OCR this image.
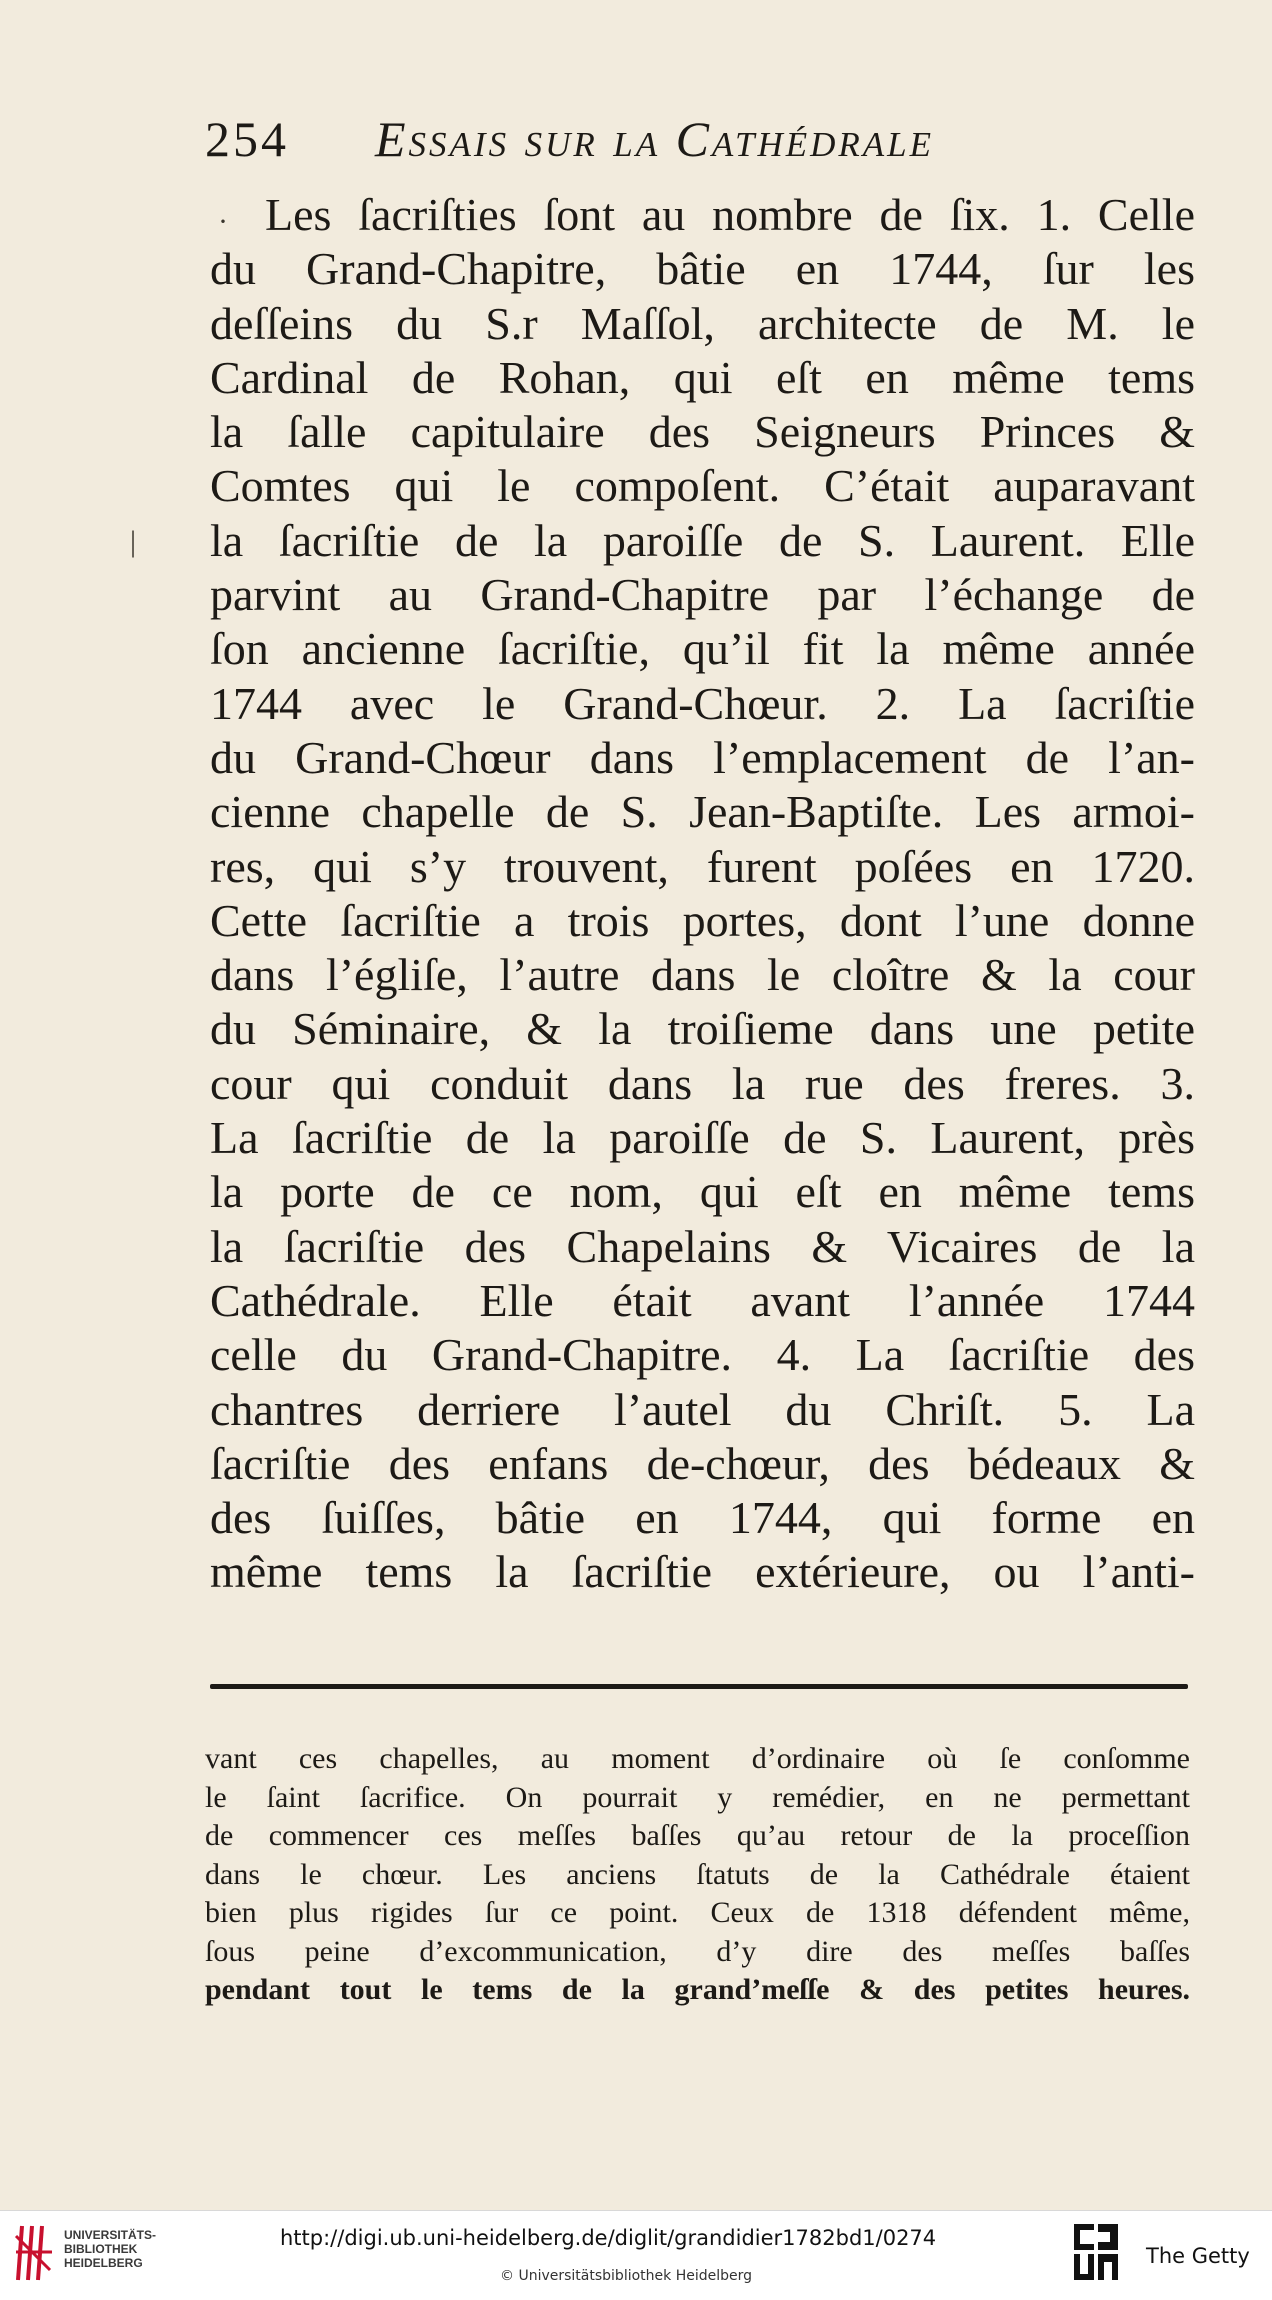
254 Essais sur la Cathédrale
·
|
Les ſacriſties ſont au nombre de ſix. 1. Celle
du Grand-Chapitre, bâtie en 1744, ſur les
deſſeins du S.r Maſſol, architecte de M. le
Cardinal de Rohan, qui eſt en même tems
la ſalle capitulaire des Seigneurs Princes &
Comtes qui le compoſent. C’était auparavant
la ſacriſtie de la paroiſſe de S. Laurent. Elle
parvint au Grand-Chapitre par l’échange de
ſon ancienne ſacriſtie, qu’il fit la même année
1744 avec le Grand-Chœur. 2. La ſacriſtie
du Grand-Chœur dans l’emplacement de l’an-
cienne chapelle de S. Jean-Baptiſte. Les armoi-
res, qui s’y trouvent, furent poſées en 1720.
Cette ſacriſtie a trois portes, dont l’une donne
dans l’égliſe, l’autre dans le cloître & la cour
du Séminaire, & la troiſieme dans une petite
cour qui conduit dans la rue des freres. 3.
La ſacriſtie de la paroiſſe de S. Laurent, près
la porte de ce nom, qui eſt en même tems
la ſacriſtie des Chapelains & Vicaires de la
Cathédrale. Elle était avant l’année 1744
celle du Grand-Chapitre. 4. La ſacriſtie des
chantres derriere l’autel du Chriſt. 5. La
ſacriſtie des enfans de-chœur, des bédeaux &
des ſuiſſes, bâtie en 1744, qui forme en
même tems la ſacriſtie extérieure, ou l’anti-
vant ces chapelles, au moment d’ordinaire où ſe conſomme
le ſaint ſacrifice. On pourrait y remédier, en ne permettant
de commencer ces meſſes baſſes qu’au retour de la proceſſion
dans le chœur. Les anciens ſtatuts de la Cathédrale étaient
bien plus rigides ſur ce point. Ceux de 1318 défendent même,
ſous peine d’excommunication, d’y dire des meſſes baſſes
pendant tout le tems de la grand’meſſe & des petites heures.
UNIVERSITÄTS-
BIBLIOTHEK
HEIDELBERG
http://digi.ub.uni-heidelberg.de/diglit/grandidier1782bd1/0274
© Universitätsbibliothek Heidelberg
The Getty
